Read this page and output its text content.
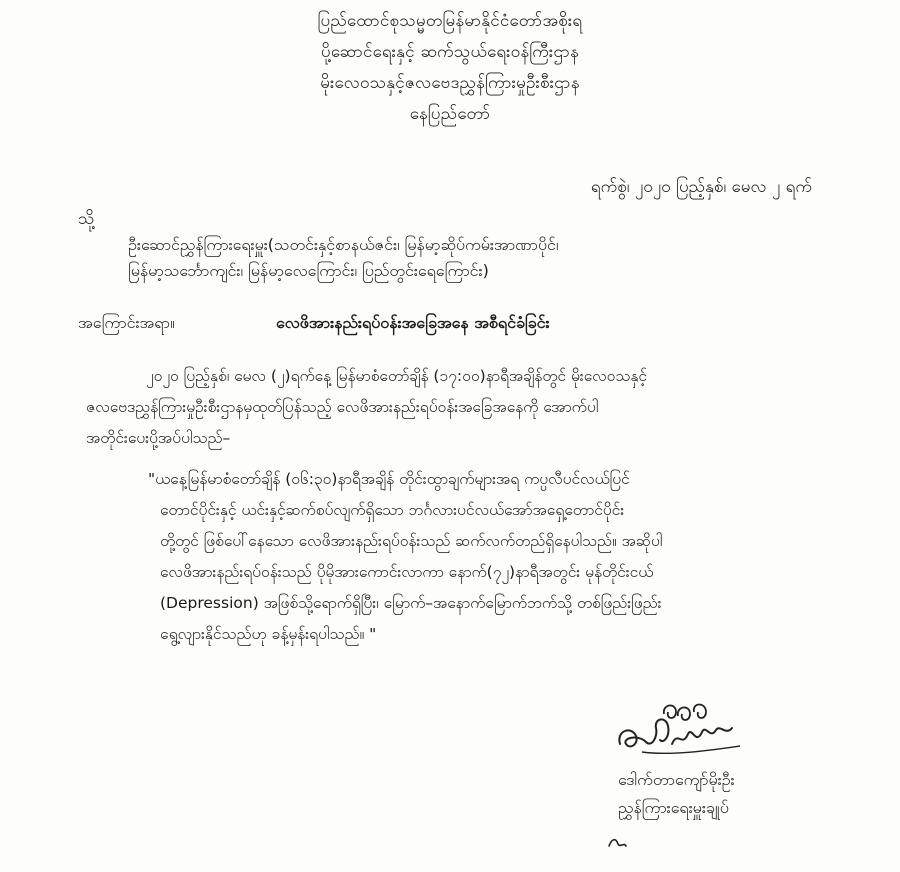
ပြည်ထောင်စုသမ္မတမြန်မာနိုင်ငံတော်အစိုးရ
ပို့ဆောင်ရေးနှင့် ဆက်သွယ်ရေးဝန်ကြီးဌာန
မိုးလေဝသနှင့်ဇလဗေဒညွှန်ကြားမှုဦးစီးဌာန
နေပြည်တော်
ရက်စွဲ၊ ၂၀၂၀ ပြည့်နှစ်၊ မေလ ၂ ရက်
သို့
ဦးဆောင်ညွှန်ကြားရေးမှူး(သတင်းနှင့်စာနယ်ဇင်း၊ မြန်မာ့ဆိုပ်ကမ်းအာဏာပိုင်၊
မြန်မာ့သင်္ဘောကျင်း၊ မြန်မာ့လေကြောင်း၊ ပြည်တွင်းရေကြောင်း)
အကြောင်းအရာ။	လေဖိအားနည်းရပ်ဝန်းအခြေအနေ အစီရင်ခံခြင်း
၂၀၂၀ ပြည့်နှစ်၊ မေလ (၂)ရက်နေ့ မြန်မာစံတော်ချိန် (၁၇:၀၀)နာရီအချိန်တွင် မိုးလေဝသနှင့်
ဇလဗေဒညွှန်ကြားမှုဦးစီးဌာနမှထုတ်ပြန်သည့် လေဖိအားနည်းရပ်ဝန်းအခြေအနေကို အောက်ပါ
အတိုင်းပေးပို့အပ်ပါသည်–
"ယနေ့မြန်မာစံတော်ချိန် (၀၆:၃၀)နာရီအချိန် တိုင်းထွာချက်များအရ ကပ္ပလီပင်လယ်ပြင်
တောင်ပိုင်းနှင့် ယင်းနှင့်ဆက်စပ်လျက်ရှိသော ဘင်္ဂလားပင်လယ်အော်အရှေ့တောင်ပိုင်း
တို့တွင် ဖြစ်ပေါ်နေသော လေဖိအားနည်းရပ်ဝန်းသည် ဆက်လက်တည်ရှိနေပါသည်။ အဆိုပါ
လေဖိအားနည်းရပ်ဝန်းသည် ပိုမိုအားကောင်းလာကာ နောက်(၇၂)နာရီအတွင်း မုန်တိုင်းငယ်
(Depression) အဖြစ်သို့ရောက်ရှိပြီး၊ မြောက်–အနောက်မြောက်ဘက်သို့ တစ်ဖြည်းဖြည်း
ရွေ့လျားနိုင်သည်ဟု ခန့်မှန်းရပါသည်။ "
ဒေါက်တာကျော်မိုးဦး
ညွှန်ကြားရေးမှူးချုပ်
